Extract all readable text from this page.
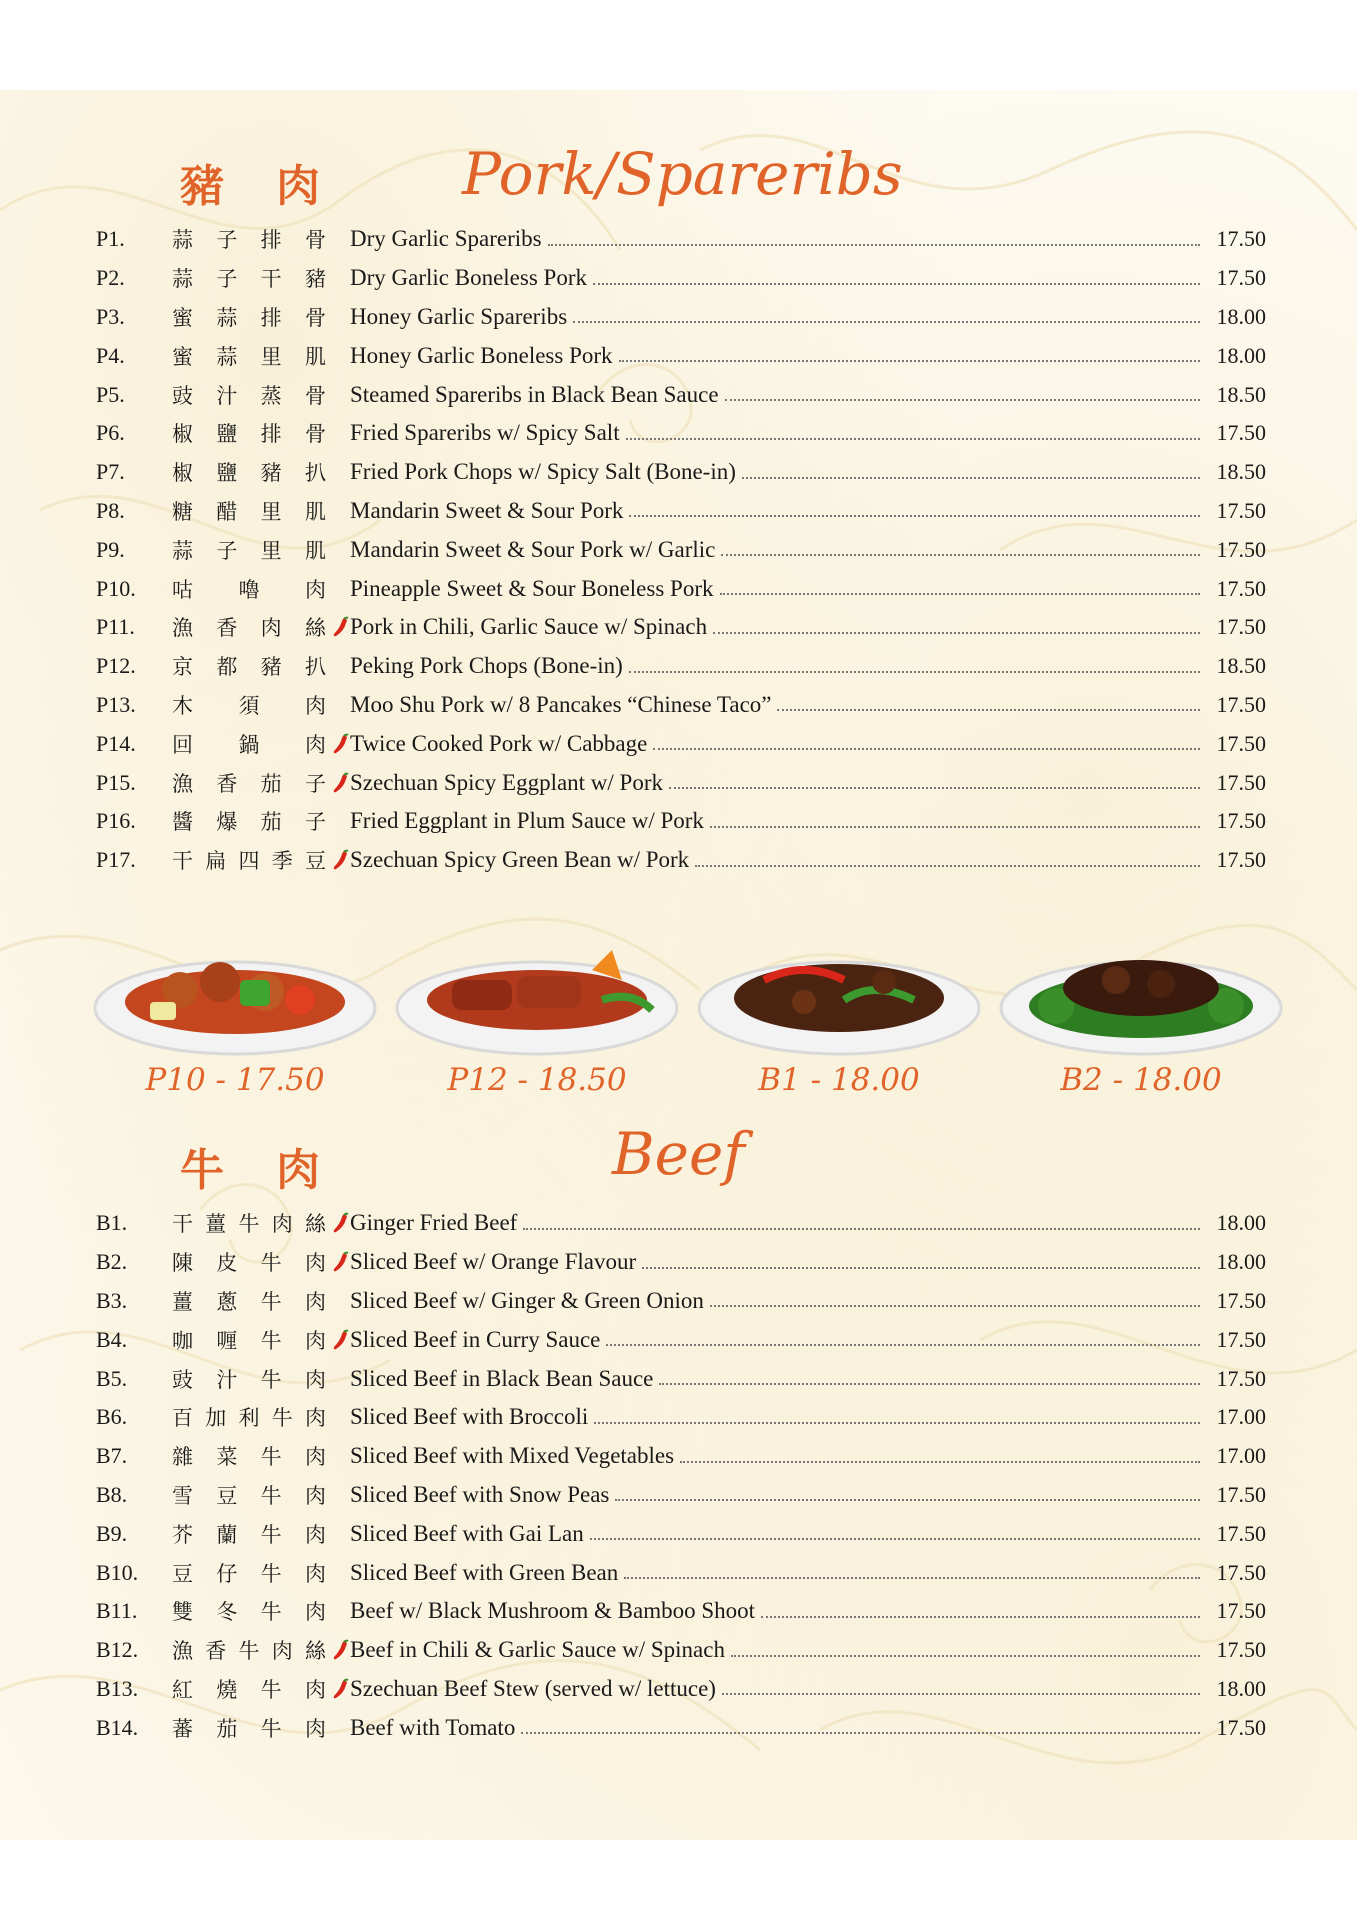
豬肉 Pork/Spareribs
P1.	蒜 子 排 骨 Dry Garlic Spareribs	17.50
P2.	蒜 子 干 豬 Dry Garlic Boneless Pork	17.50
P3.	蜜 蒜 排 骨 Honey Garlic Spareribs	18.00
P4.	蜜 蒜 里 肌 Honey Garlic Boneless Pork	18.00
P5.	豉 汁 蒸 骨 Steamed Spareribs in Black Bean Sauce	18.50
P6.	椒 鹽 排 骨 Fried Spareribs w/ Spicy Salt	17.50
P7.	椒 鹽 豬 扒 Fried Pork Chops w/ Spicy Salt (Bone-in)	18.50
P8.	糖 醋 里 肌 Mandarin Sweet & Sour Pork	17.50
P9.	蒜 子 里 肌 Mandarin Sweet & Sour Pork w/ Garlic	17.50
P10.	咕 嚕 肉 Pineapple Sweet & Sour Boneless Pork	17.50
P11.	漁 香 肉 絲 Pork in Chili, Garlic Sauce w/ Spinach	17.50
P12.	京 都 豬 扒 Peking Pork Chops (Bone-in)	18.50
P13.	木 須 肉 Moo Shu Pork w/ 8 Pancakes “Chinese Taco”	17.50
P14.	回 鍋 肉 Twice Cooked Pork w/ Cabbage	17.50
P15.	漁 香 茄 子 Szechuan Spicy Eggplant w/ Pork	17.50
P16.	醬 爆 茄 子 Fried Eggplant in Plum Sauce w/ Pork	17.50
P17.	干 扁 四 季 豆 Szechuan Spicy Green Bean w/ Pork	17.50
P10 - 17.50	P12 - 18.50	B1 - 18.00	B2 - 18.00
牛肉	Beef
B1.	干 薑 牛 肉 絲 Ginger Fried Beef	18.00
B2.	陳 皮 牛 肉 Sliced Beef w/ Orange Flavour	18.00
B3.	薑 蔥 牛 肉 Sliced Beef w/ Ginger & Green Onion	17.50
B4.	咖 喱 牛 肉 Sliced Beef in Curry Sauce	17.50
B5.	豉 汁 牛 肉 Sliced Beef in Black Bean Sauce	17.50
B6.	百 加 利 牛 肉 Sliced Beef with Broccoli	17.00
B7.	雜 菜 牛 肉 Sliced Beef with Mixed Vegetables	17.00
B8.	雪 豆 牛 肉 Sliced Beef with Snow Peas	17.50
B9.	芥 蘭 牛 肉 Sliced Beef with Gai Lan	17.50
B10.	豆 仔 牛 肉 Sliced Beef with Green Bean	17.50
B11.	雙 冬 牛 肉 Beef w/ Black Mushroom & Bamboo Shoot	17.50
B12.	漁 香 牛 肉 絲 Beef in Chili & Garlic Sauce w/ Spinach	17.50
B13.	紅 燒 牛 肉 Szechuan Beef Stew (served w/ lettuce)	18.00
B14.	蕃 茄 牛 肉 Beef with Tomato	17.50
